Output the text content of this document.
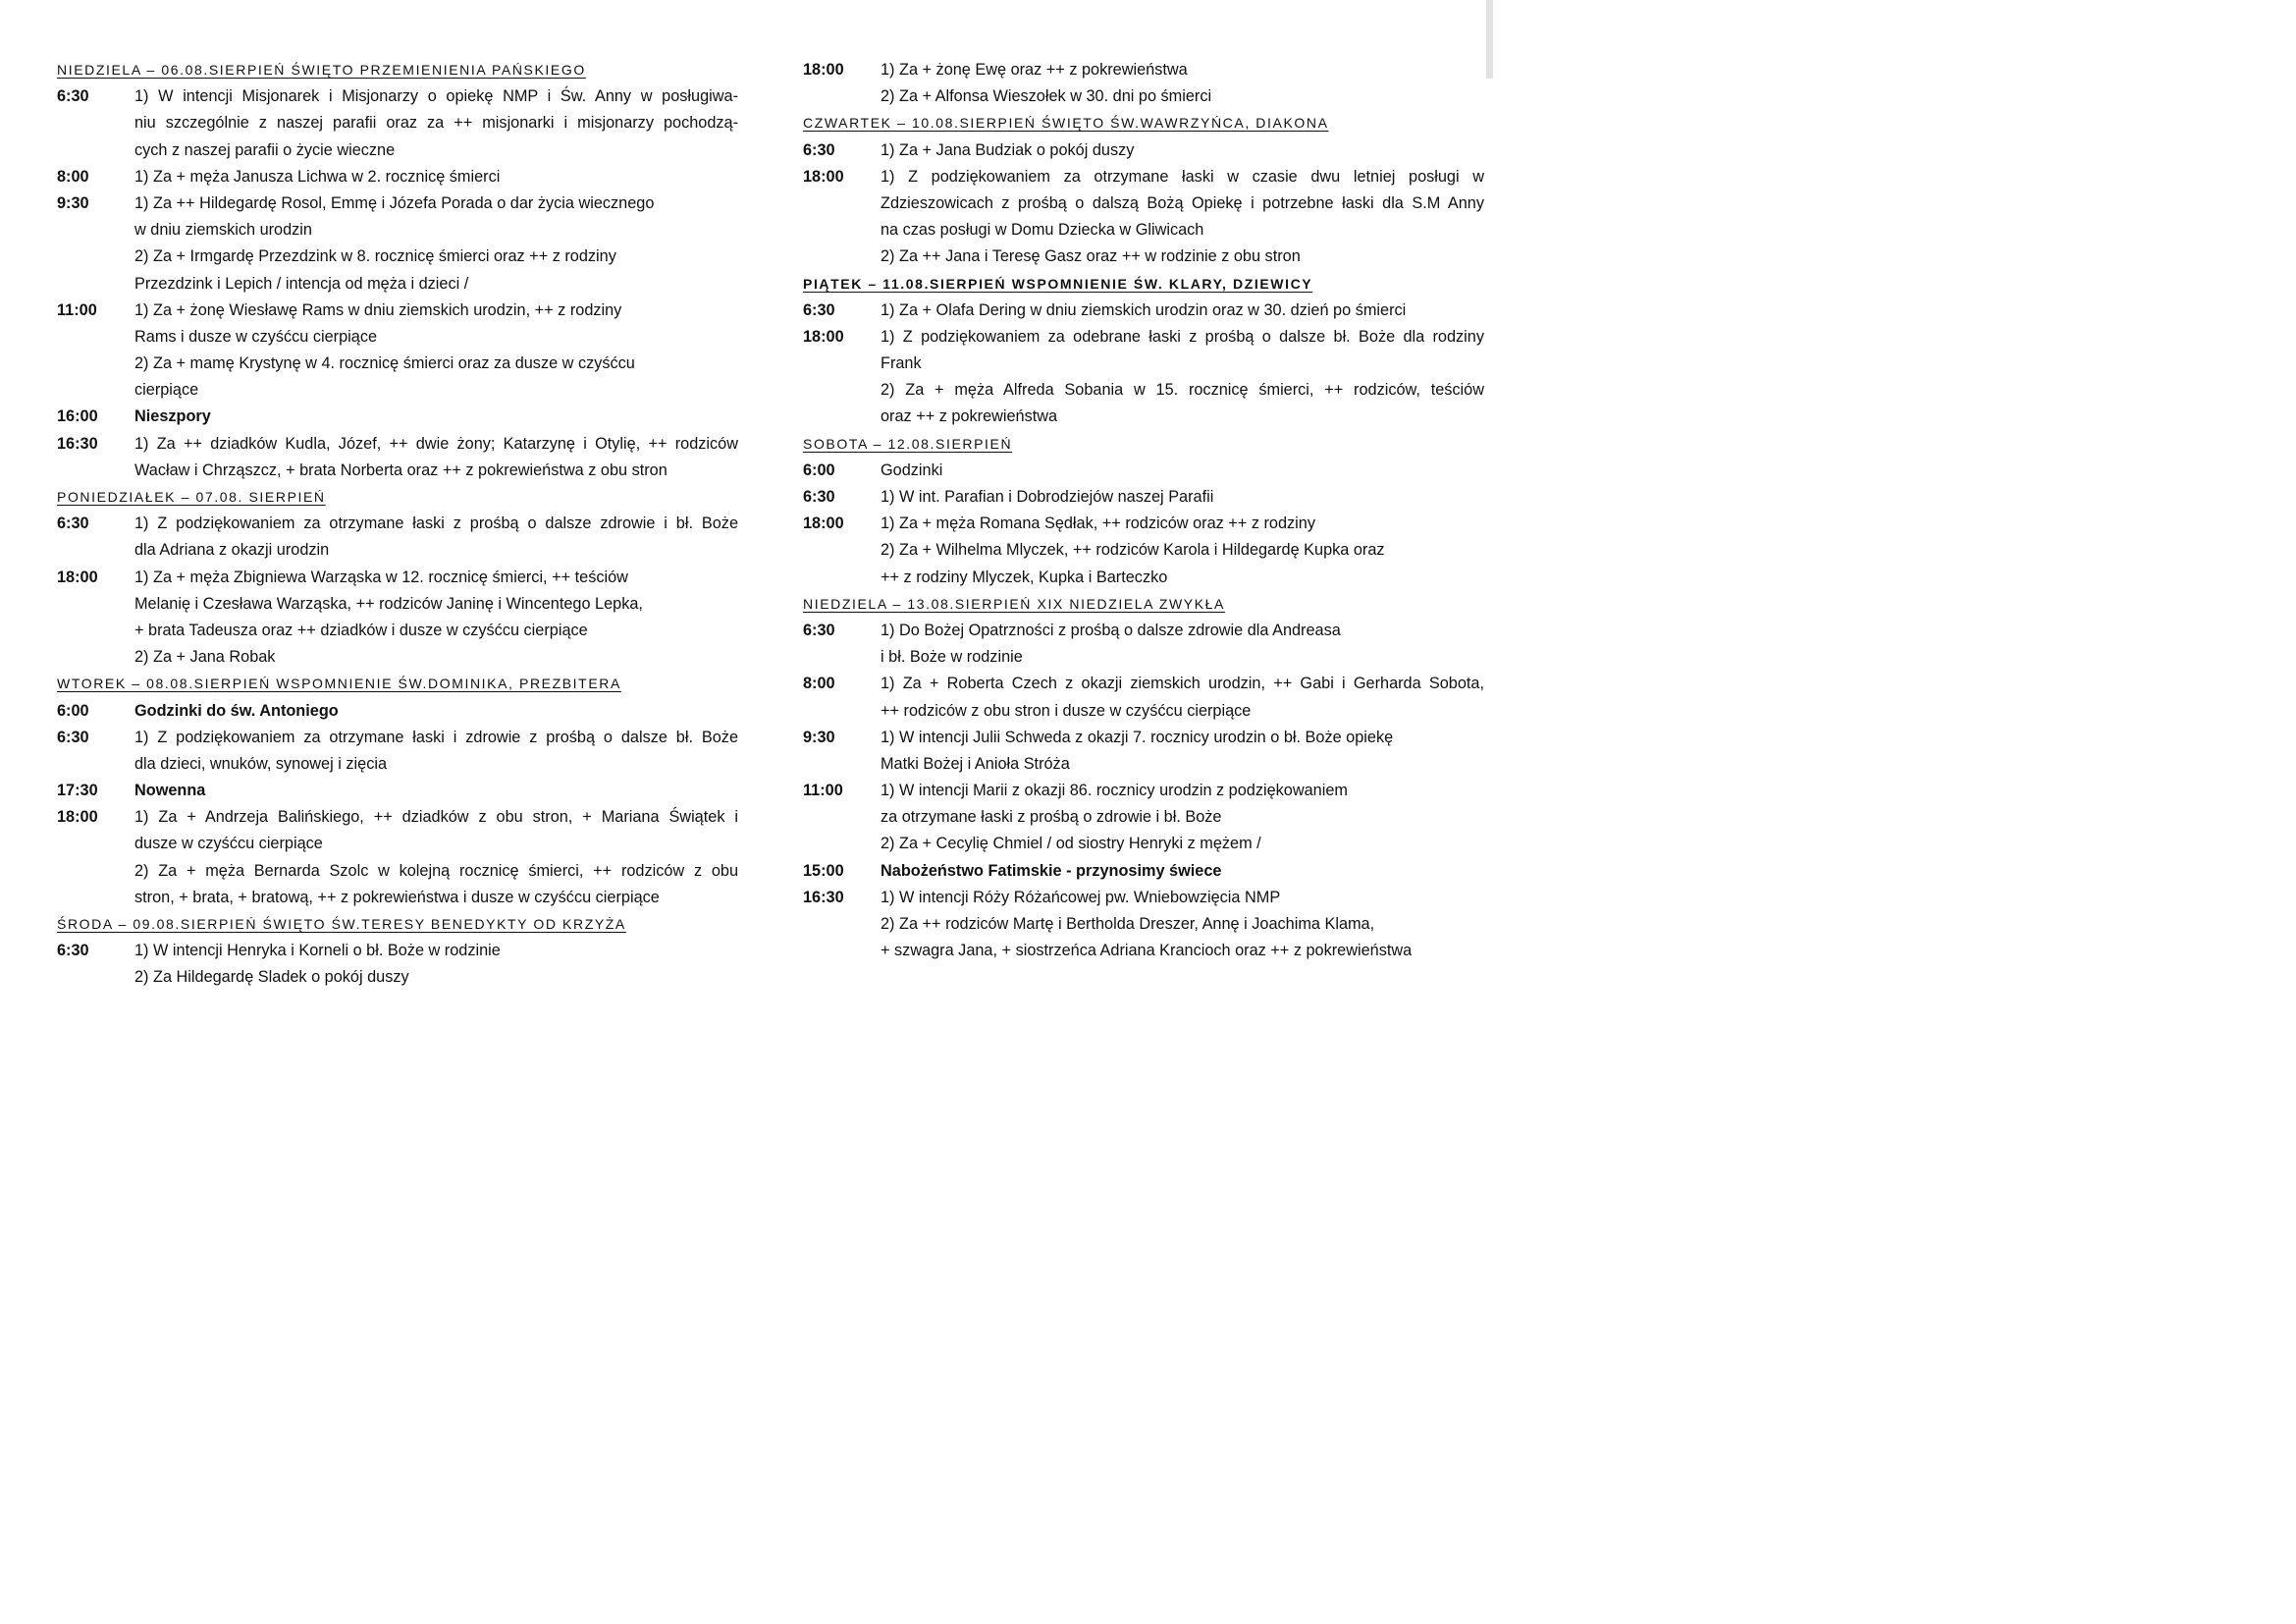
NIEDZIELA – 06.08.SIERPIEŃ ŚWIĘTO PRZEMIENIENIA PAŃSKIEGO
6:30	1) W intencji Misjonarek i Misjonarzy o opiekę NMP i Św. Anny w posługiwa-
niu szczególnie z naszej parafii oraz za ++ misjonarki i misjonarzy pochodzą-
cych z naszej parafii o życie wieczne
8:00	1) Za + męża Janusza Lichwa w 2. rocznicę śmierci
9:30	1) Za ++ Hildegardę Rosol, Emmę i Józefa Porada o dar życia wiecznego
w dniu ziemskich urodzin
2) Za + Irmgardę Przezdzink w 8. rocznicę śmierci oraz ++ z rodziny
Przezdzink i Lepich / intencja od męża i dzieci /
11:00 1) Za + żonę Wiesławę Rams w dniu ziemskich urodzin, ++ z rodziny
Rams i dusze w czyśćcu cierpiące
2) Za + mamę Krystynę w 4. rocznicę śmierci oraz za dusze w czyśćcu
cierpiące
16:00 Nieszpory
16:30 1) Za ++ dziadków Kudla, Józef, ++ dwie żony; Katarzynę i Otylię, ++ rodziców
Wacław i Chrząszcz, + brata Norberta oraz ++ z pokrewieństwa z obu stron
PONIEDZIAŁEK – 07.08. SIERPIEŃ
6:30	1) Z podziękowaniem za otrzymane łaski z prośbą o dalsze zdrowie i bł. Boże
dla Adriana z okazji urodzin
18:00 1) Za + męża Zbigniewa Warząska w 12. rocznicę śmierci, ++ teściów
Melanię i Czesława Warząska, ++ rodziców Janinę i Wincentego Lepka,
+ brata Tadeusza oraz ++ dziadków i dusze w czyśćcu cierpiące
2) Za + Jana Robak
WTOREK – 08.08.SIERPIEŃ WSPOMNIENIE ŚW.DOMINIKA, PREZBITERA
6:00	Godzinki do św. Antoniego
6:30	1) Z podziękowaniem za otrzymane łaski i zdrowie z prośbą o dalsze bł. Boże
dla dzieci, wnuków, synowej i zięcia
17:30 Nowenna
18:00 1) Za + Andrzeja Balińskiego, ++ dziadków z obu stron, + Mariana Świątek i
dusze w czyśćcu cierpiące
2) Za + męża Bernarda Szolc w kolejną rocznicę śmierci, ++ rodziców z obu
stron, + brata, + bratową, ++ z pokrewieństwa i dusze w czyśćcu cierpiące
ŚRODA – 09.08.SIERPIEŃ ŚWIĘTO ŚW.TERESY BENEDYKTY OD KRZYŻA
6:30	1) W intencji Henryka i Korneli o bł. Boże w rodzinie
2) Za Hildegardę Sladek o pokój duszy
18:00 1) Za + żonę Ewę oraz ++ z pokrewieństwa
2) Za + Alfonsa Wieszołek w 30. dni po śmierci
CZWARTEK – 10.08.SIERPIEŃ ŚWIĘTO ŚW.WAWRZYŃCA, DIAKONA
6:30	1) Za + Jana Budziak o pokój duszy
18:00 1) Z podziękowaniem za otrzymane łaski w czasie dwu letniej posługi w
Zdzieszowicach z prośbą o dalszą Bożą Opiekę i potrzebne łaski dla S.M Anny
na czas posługi w Domu Dziecka w Gliwicach
2) Za ++ Jana i Teresę Gasz oraz ++ w rodzinie z obu stron
PIĄTEK – 11.08.SIERPIEŃ WSPOMNIENIE ŚW. KLARY, DZIEWICY
6:30	1) Za + Olafa Dering w dniu ziemskich urodzin oraz w 30. dzień po śmierci
18:00 1) Z podziękowaniem za odebrane łaski z prośbą o dalsze bł. Boże dla rodziny
Frank
2) Za + męża Alfreda Sobania w 15. rocznicę śmierci, ++ rodziców, teściów
oraz ++ z pokrewieństwa
SOBOTA – 12.08.SIERPIEŃ
6:00	Godzinki
6:30	1) W int. Parafian i Dobrodziejów naszej Parafii
18:00 1) Za + męża Romana Sędłak, ++ rodziców oraz ++ z rodziny
2) Za + Wilhelma Mlyczek, ++ rodziców Karola i Hildegardę Kupka oraz
++ z rodziny Mlyczek, Kupka i Barteczko
NIEDZIELA – 13.08.SIERPIEŃ XIX NIEDZIELA ZWYKŁA
6:30	1) Do Bożej Opatrzności z prośbą o dalsze zdrowie dla Andreasa
i bł. Boże w rodzinie
8:00	1) Za + Roberta Czech z okazji ziemskich urodzin, ++ Gabi i Gerharda Sobota,
++ rodziców z obu stron i dusze w czyśćcu cierpiące
9:30	1) W intencji Julii Schweda z okazji 7. rocznicy urodzin o bł. Boże opiekę
Matki Bożej i Anioła Stróża
11:00 1) W intencji Marii z okazji 86. rocznicy urodzin z podziękowaniem
za otrzymane łaski z prośbą o zdrowie i bł. Boże
2) Za + Cecylię Chmiel / od siostry Henryki z mężem /
15:00 Nabożeństwo Fatimskie - przynosimy świece
16:30 1) W intencji Róży Różańcowej pw. Wniebowzięcia NMP
2) Za ++ rodziców Martę i Bertholda Dreszer, Annę i Joachima Klama,
+ szwagra Jana, + siostrzeńca Adriana Krancioch oraz ++ z pokrewieństwa
